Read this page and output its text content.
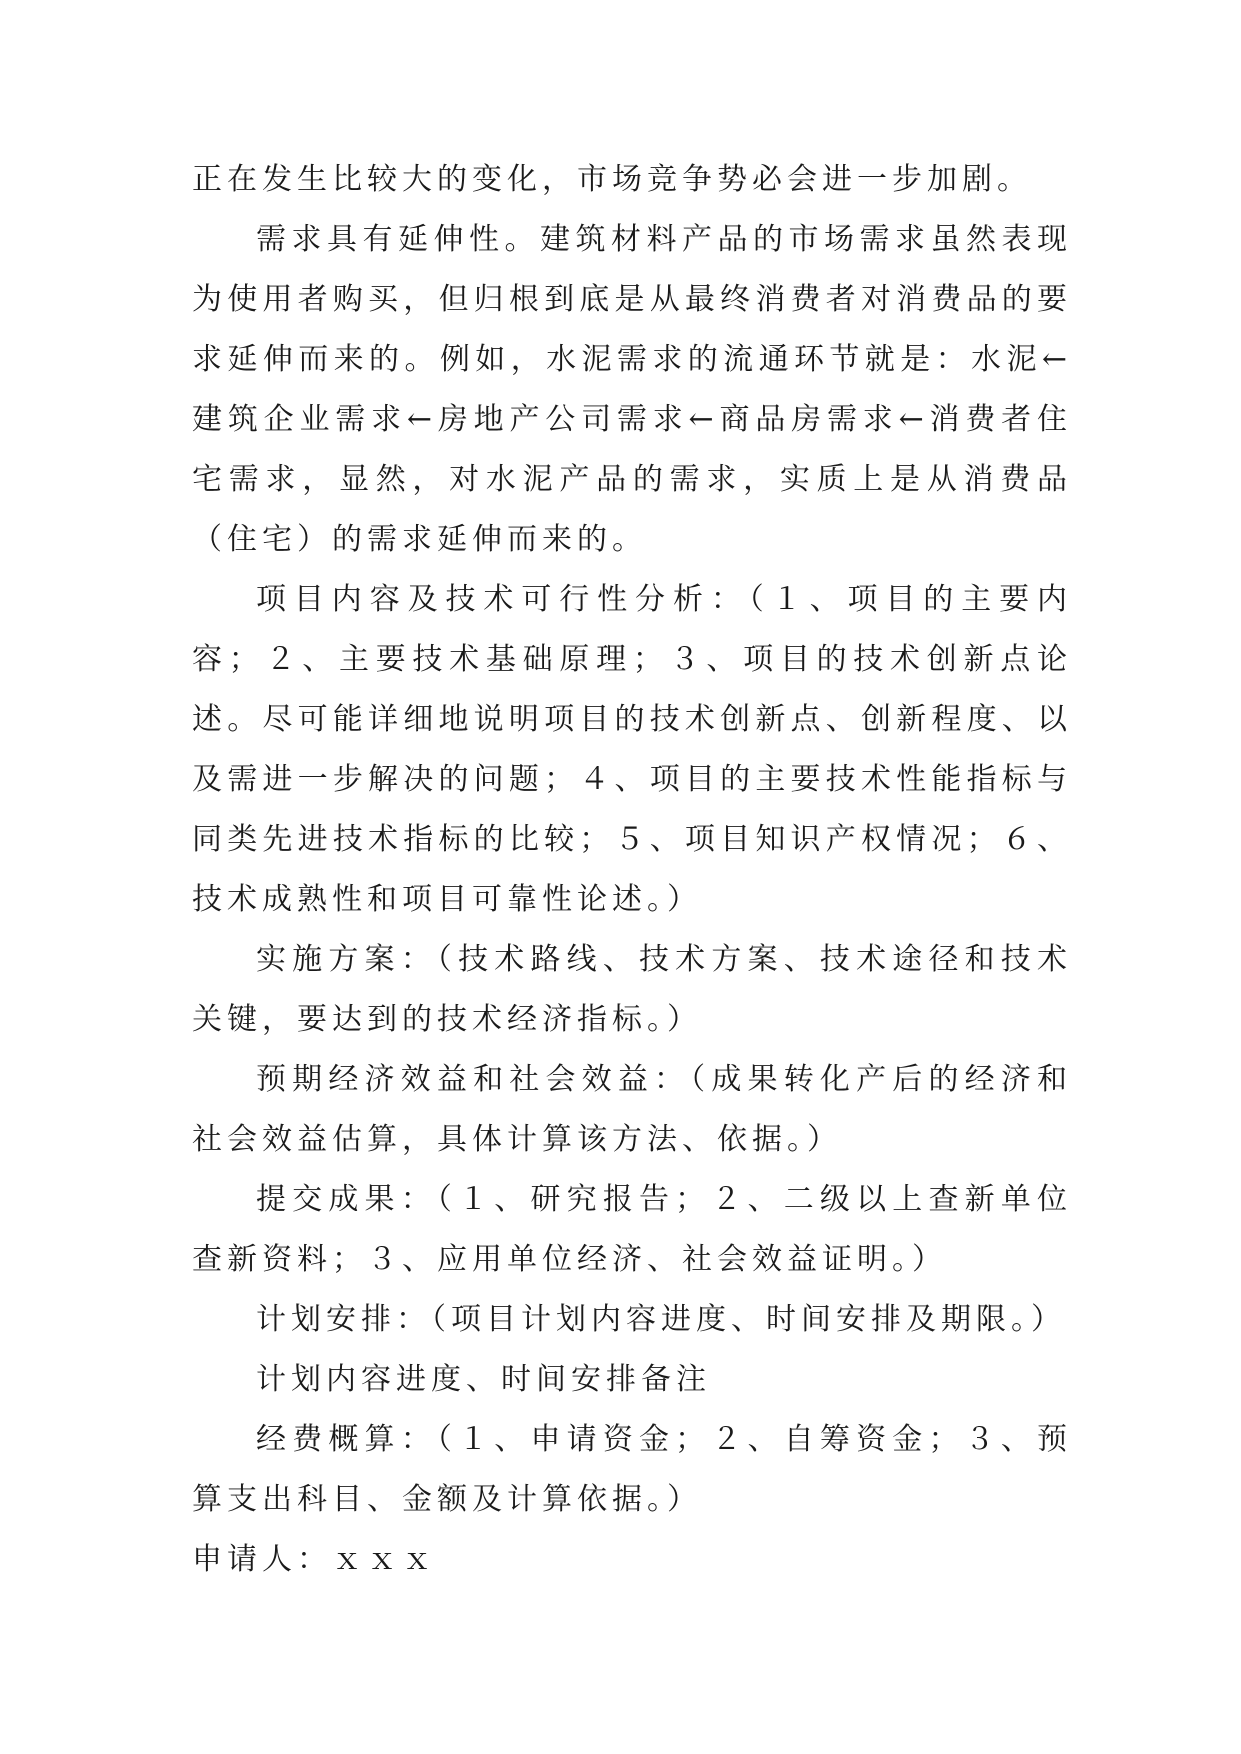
正在发生比较大的变化，市场竞争势必会进一步加剧。

需求具有延伸性。建筑材料产品的市场需求虽然表现为使用者购买，但归根到底是从最终消费者对消费品的要求延伸而来的。例如，水泥需求的流通环节就是：水泥←建筑企业需求←房地产公司需求←商品房需求←消费者住宅需求，显然，对水泥产品的需求，实质上是从消费品（住宅）的需求延伸而来的。

项目内容及技术可行性分析：（１、项目的主要内容；２、主要技术基础原理；３、项目的技术创新点论述。尽可能详细地说明项目的技术创新点、创新程度、以及需进一步解决的问题；４、项目的主要技术性能指标与同类先进技术指标的比较；５、项目知识产权情况；６、技术成熟性和项目可靠性论述。）

实施方案：（技术路线、技术方案、技术途径和技术关键，要达到的技术经济指标。）

预期经济效益和社会效益：（成果转化产后的经济和社会效益估算，具体计算该方法、依据。）

提交成果：（１、研究报告；２、二级以上查新单位查新资料；３、应用单位经济、社会效益证明。）

计划安排：（项目计划内容进度、时间安排及期限。）

计划内容进度、时间安排备注

经费概算：（１、申请资金；２、自筹资金；３、预算支出科目、金额及计算依据。）

申请人：ｘｘｘ
